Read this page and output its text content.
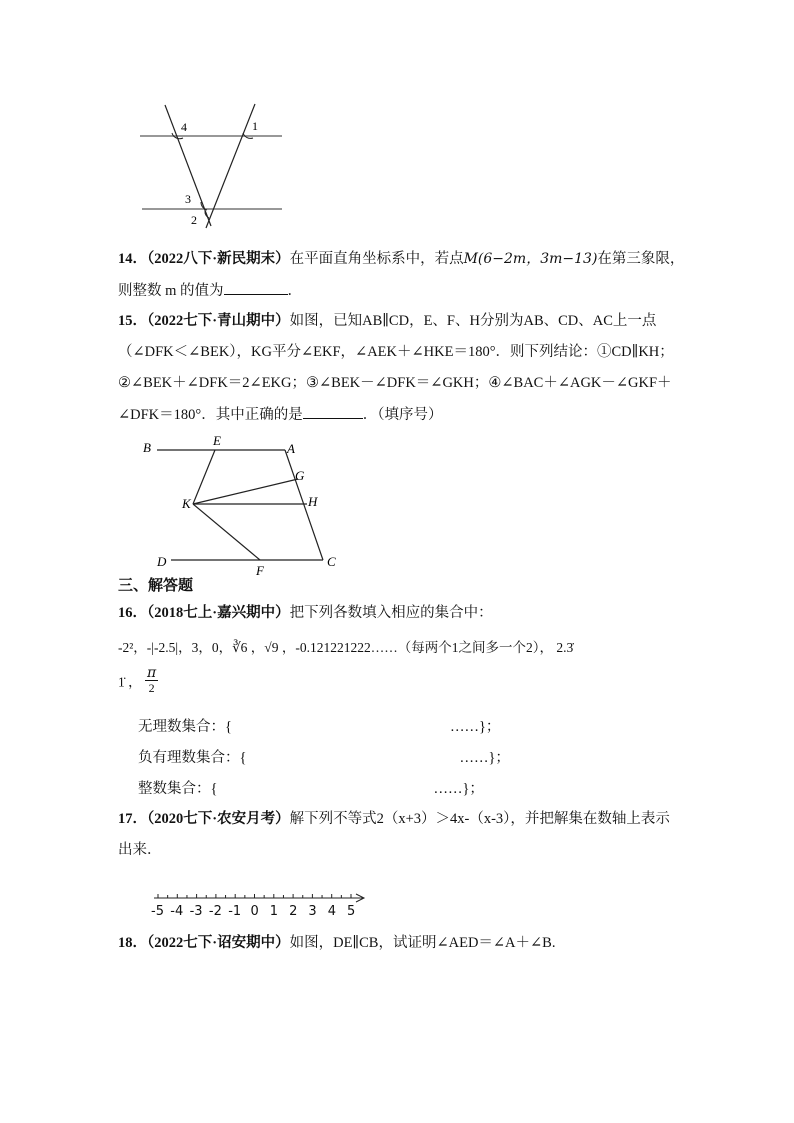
4	1
3
2
14．（2022八下·新民期末）在平面直角坐标系中，若点M(6−2m，3m−13)在第三象限，
则整数 m 的值为	．
15．（2022七下·青山期中）如图，已知AB∥CD，E、F、H分别为AB、CD、AC上一点
（∠DFK＜∠BEK），KG平分∠EKF，∠AEK＋∠HKE＝180°．则下列结论：①CD∥KH；
②∠BEK＋∠DFK＝2∠EKG；③∠BEK－∠DFK＝∠GKH；④∠BAC＋∠AGK－∠GKF＋
∠DFK＝180°．其中正确的是	．（填序号）
B	E
A
G
K	H
D
F
C
三、解答题
16．（2018七上·嘉兴期中）把下列各数填入相应的集合中：
-2²，-|-2.5|，3，0，∛6 ，√9 ，-0.121221222……（每两个1之间多一个2）， 2.3̇
1̇ ， $\frac{\pi}{2}$
无理数集合：{	……}；
负有理数集合：{	……}；
整数集合：{	……}；
17．（2020七下·农安月考）解下列不等式2（x+3）＞4x-（x-3），并把解集在数轴上表示
出来．
-5 -4 -3 -2 -1 0 1 2 3 4 5
18．（2022七下·诏安期中）如图，DE∥CB，试证明∠AED＝∠A＋∠B.
